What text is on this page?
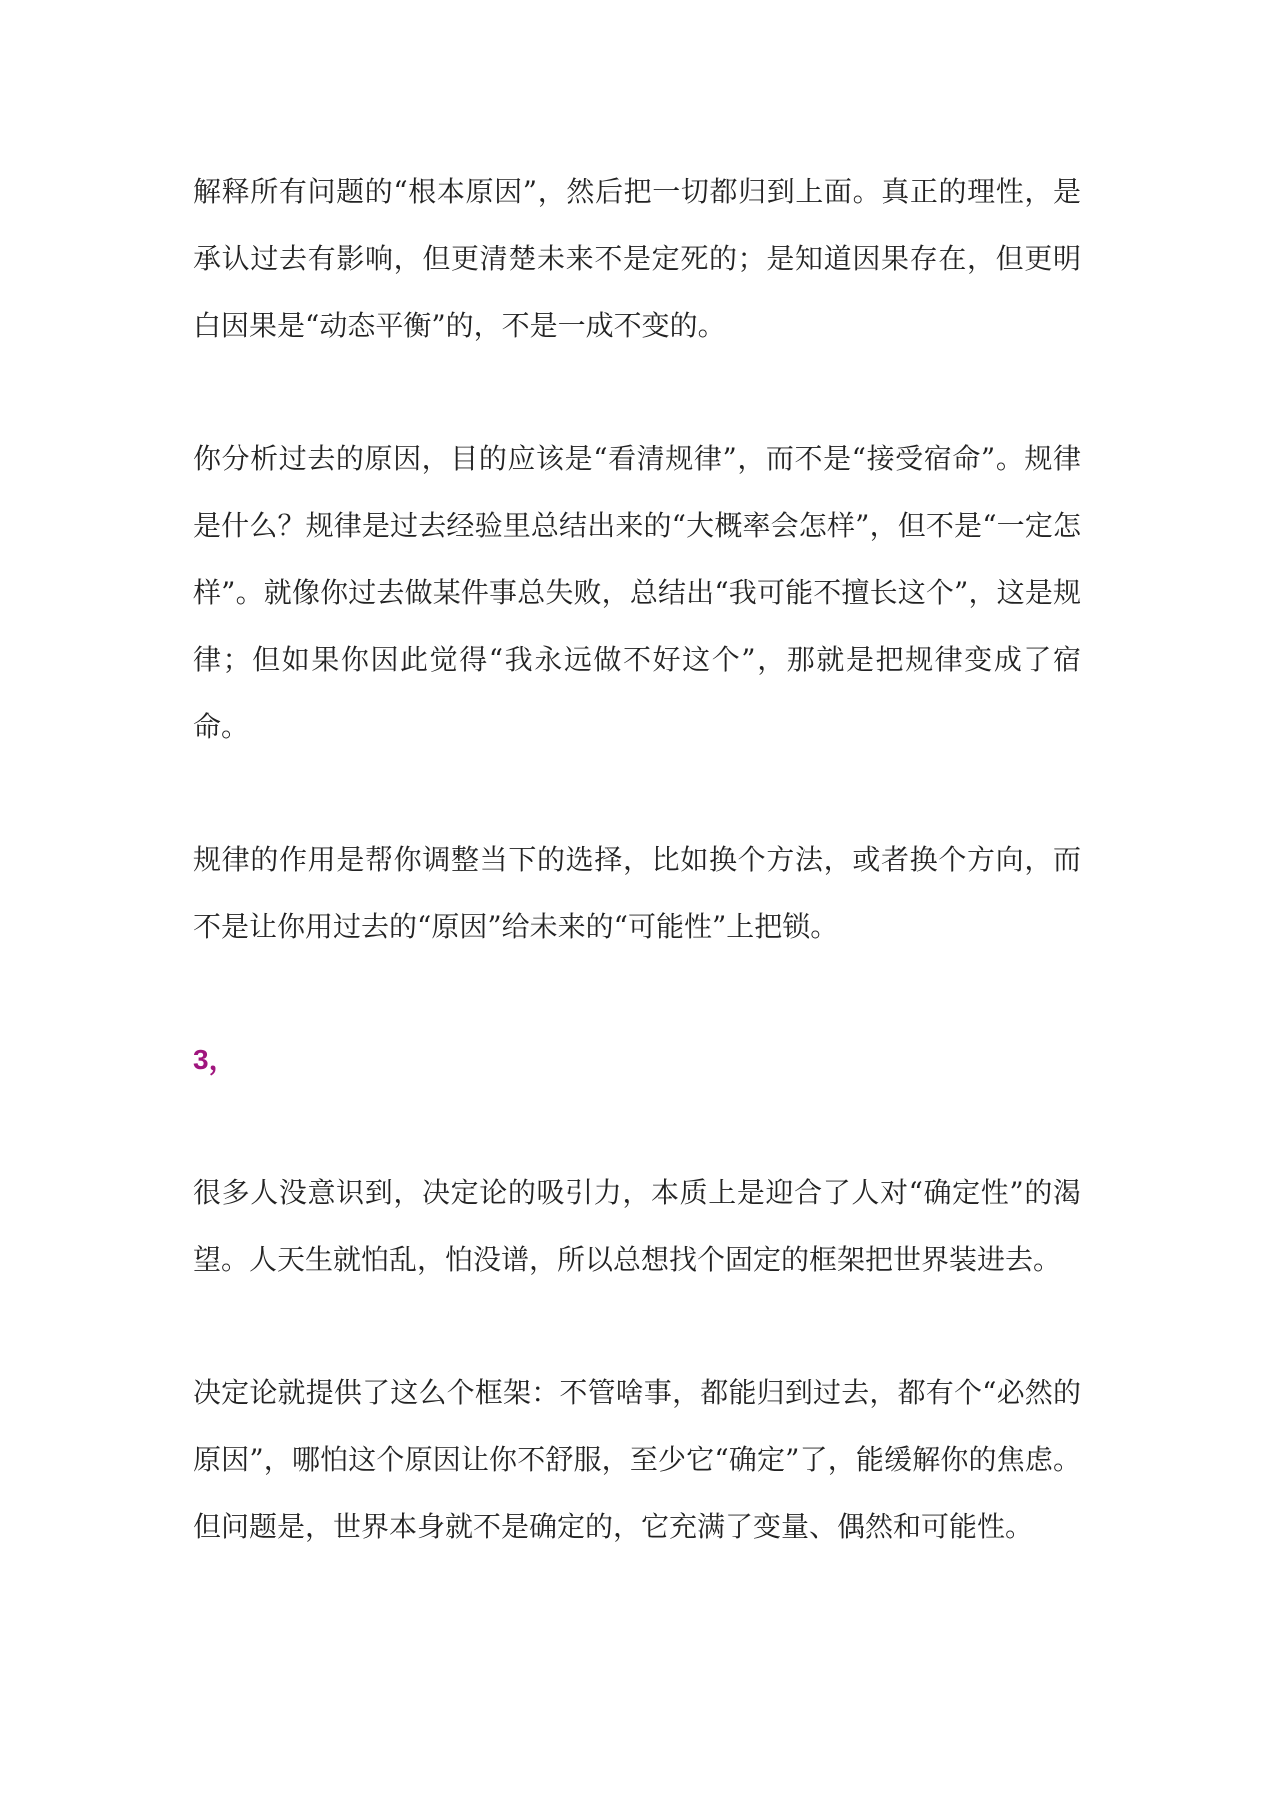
解释所有问题的“根本原因”，然后把一切都归到上面。真正的理性，是承认过去有影响，但更清楚未来不是定死的；是知道因果存在，但更明白因果是“动态平衡”的，不是一成不变的。

你分析过去的原因，目的应该是“看清规律”，而不是“接受宿命”。规律是什么？规律是过去经验里总结出来的“大概率会怎样”，但不是“一定怎样”。就像你过去做某件事总失败，总结出“我可能不擅长这个”，这是规律；但如果你因此觉得“我永远做不好这个”，那就是把规律变成了宿命。

规律的作用是帮你调整当下的选择，比如换个方法，或者换个方向，而不是让你用过去的“原因”给未来的“可能性”上把锁。

3，

很多人没意识到，决定论的吸引力，本质上是迎合了人对“确定性”的渴望。人天生就怕乱，怕没谱，所以总想找个固定的框架把世界装进去。

决定论就提供了这么个框架：不管啥事，都能归到过去，都有个“必然的原因”，哪怕这个原因让你不舒服，至少它“确定”了，能缓解你的焦虑。但问题是，世界本身就不是确定的，它充满了变量、偶然和可能性。
